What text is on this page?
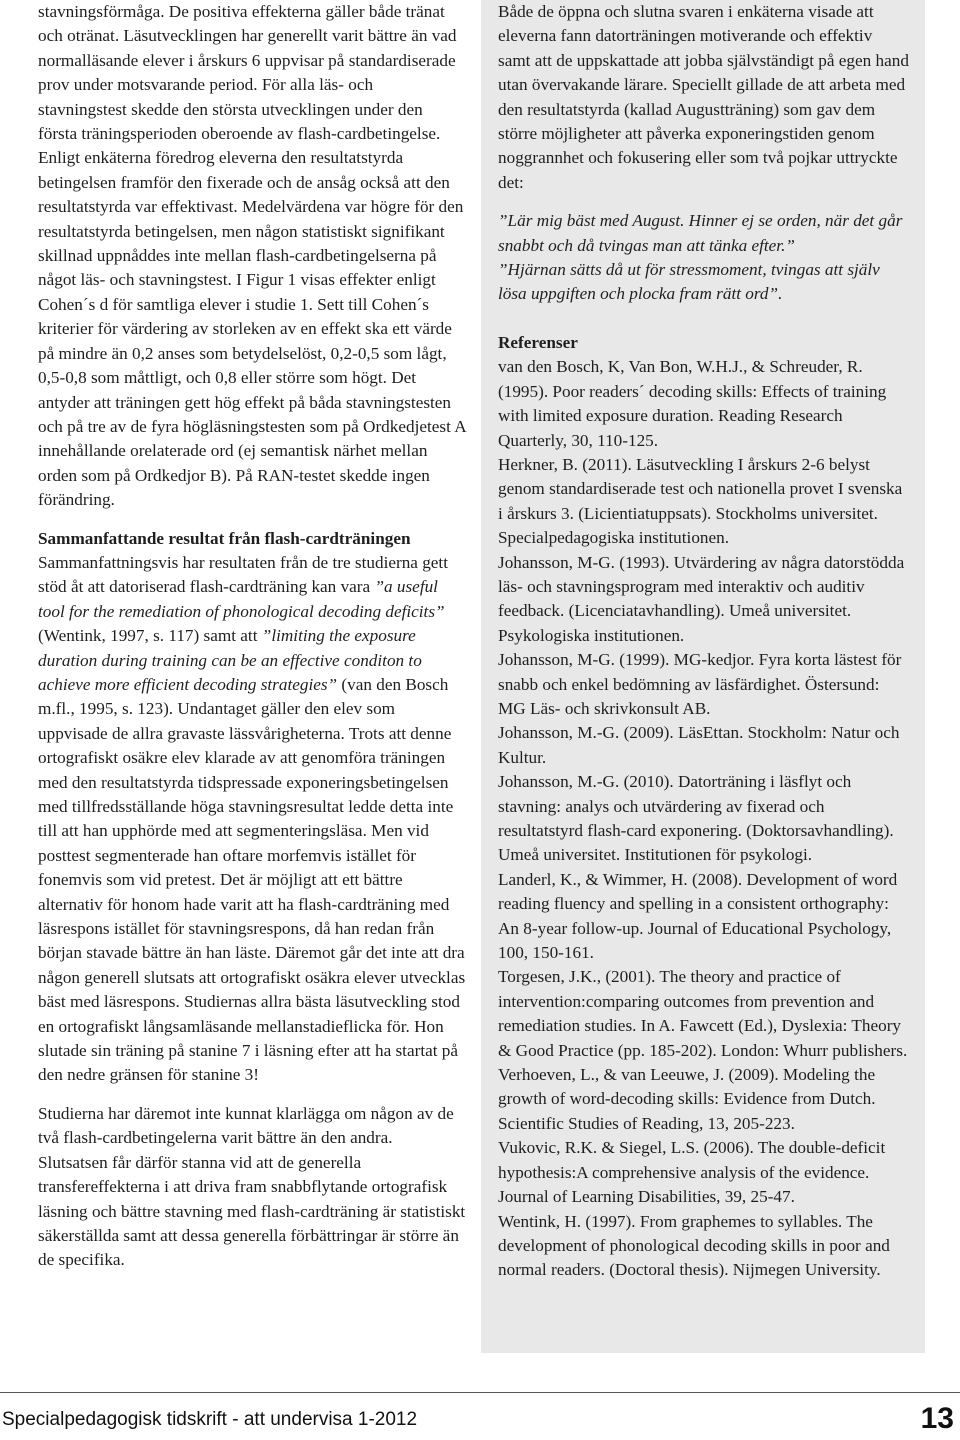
stavningsförmåga. De positiva effekterna gäller både tränat och otränat. Läsutvecklingen har generellt varit bättre än vad normalläsande elever i årskurs 6 uppvisar på standardiserade prov under motsvarande period. För alla läs- och stavningstest skedde den största utvecklingen under den första träningsperioden oberoende av flash-cardbetingelse. Enligt enkäterna föredrog eleverna den resultatstyrda betingelsen framför den fixerade och de ansåg också att den resultatstyrda var effektivast. Medelvärdena var högre för den resultatstyrda betingelsen, men någon statistiskt signifikant skillnad uppnåddes inte mellan flash-cardbetingelserna på något läs- och stavningstest. I Figur 1 visas effekter enligt Cohen´s d för samtliga elever i studie 1. Sett till Cohen´s kriterier för värdering av storleken av en effekt ska ett värde på mindre än 0,2 anses som betydelselöst, 0,2-0,5 som lågt, 0,5-0,8 som måttligt, och 0,8 eller större som högt. Det antyder att träningen gett hög effekt på båda stavningstesten och på tre av de fyra högläsningstesten som på Ordkedjetest A innehållande orelaterade ord (ej semantisk närhet mellan orden som på Ordkedjor B). På RAN-testet skedde ingen förändring.

Sammanfattande resultat från flash-cardträningen

Sammanfattningsvis har resultaten från de tre studierna gett stöd åt att datoriserad flash-cardträning kan vara ”a useful tool for the remediation of phonological decoding deficits” (Wentink, 1997, s. 117) samt att ”limiting the exposure duration during training can be an effective conditon to achieve more efficient decoding strategies” (van den Bosch m.fl., 1995, s. 123). Undantaget gäller den elev som uppvisade de allra gravaste lässvårigheterna. Trots att denne ortografiskt osäkre elev klarade av att genomföra träningen med den resultatstyrda tidspressade exponeringsbetingelsen med tillfredsställande höga stavningsresultat ledde detta inte till att han upphörde med att segmenteringsläsa. Men vid posttest segmenterade han oftare morfemvis istället för fonemvis som vid pretest. Det är möjligt att ett bättre alternativ för honom hade varit att ha flash-cardträning med läsrespons istället för stavningsrespons, då han redan från början stavade bättre än han läste. Däremot går det inte att dra någon generell slutsats att ortografiskt osäkra elever utvecklas bäst med läsrespons. Studiernas allra bästa läsutveckling stod en ortografiskt långsamläsande mellanstadieflicka för. Hon slutade sin träning på stanine 7 i läsning efter att ha startat på den nedre gränsen för stanine 3!

Studierna har däremot inte kunnat klarlägga om någon av de två flash-cardbetingelerna varit bättre än den andra. Slutsatsen får därför stanna vid att de generella transfereffekterna i att driva fram snabbflytande ortografisk läsning och bättre stavning med flash-cardträning är statistiskt säkerställda samt att dessa generella förbättringar är större än de specifika.

Både de öppna och slutna svaren i enkäterna visade att eleverna fann datorträningen motiverande och effektiv samt att de uppskattade att jobba självständigt på egen hand utan övervakande lärare. Speciellt gillade de att arbeta med den resultatstyrda (kallad Augustträning) som gav dem större möjligheter att påverka exponeringstiden genom noggrannhet och fokusering eller som två pojkar uttryckte det:

”Lär mig bäst med August. Hinner ej se orden, när det går snabbt och då tvingas man att tänka efter.”

”Hjärnan sätts då ut för stressmoment, tvingas att själv lösa uppgiften och plocka fram rätt ord”.

Referenser

van den Bosch, K, Van Bon, W.H.J., & Schreuder, R. (1995). Poor readers´ decoding skills: Effects of training with limited exposure duration. Reading Research Quarterly, 30, 110-125.

Herkner, B. (2011). Läsutveckling I årskurs 2-6 belyst genom standardiserade test och nationella provet I svenska i årskurs 3. (Licientiatuppsats). Stockholms universitet. Specialpedagogiska institutionen.

Johansson, M-G. (1993). Utvärdering av några datorstödda läs- och stavningsprogram med interaktiv och auditiv feedback. (Licenciatavhandling). Umeå universitet. Psykologiska institutionen.

Johansson, M-G. (1999). MG-kedjor. Fyra korta lästest för snabb och enkel bedömning av läsfärdighet. Östersund: MG Läs- och skrivkonsult AB.

Johansson, M.-G. (2009). LäsEttan. Stockholm: Natur och Kultur.

Johansson, M.-G. (2010). Datorträning i läsflyt och stavning: analys och utvärdering av fixerad och resultatstyrd flash-card exponering. (Doktorsavhandling). Umeå universitet. Institutionen för psykologi.

Landerl, K., & Wimmer, H. (2008). Development of word reading fluency and spelling in a consistent orthography: An 8-year follow-up. Journal of Educational Psychology, 100, 150-161.

Torgesen, J.K., (2001). The theory and practice of intervention:comparing outcomes from prevention and remediation studies. In A. Fawcett (Ed.), Dyslexia: Theory & Good Practice (pp. 185-202). London: Whurr publishers.

Verhoeven, L., & van Leeuwe, J. (2009). Modeling the growth of word-decoding skills: Evidence from Dutch. Scientific Studies of Reading, 13, 205-223.

Vukovic, R.K. & Siegel, L.S. (2006). The double-deficit hypothesis:A comprehensive analysis of the evidence. Journal of Learning Disabilities, 39, 25-47.

Wentink, H. (1997). From graphemes to syllables. The development of phonological decoding skills in poor and normal readers. (Doctoral thesis). Nijmegen University.

Specialpedagogisk tidskrift - att undervisa 1-2012	13
